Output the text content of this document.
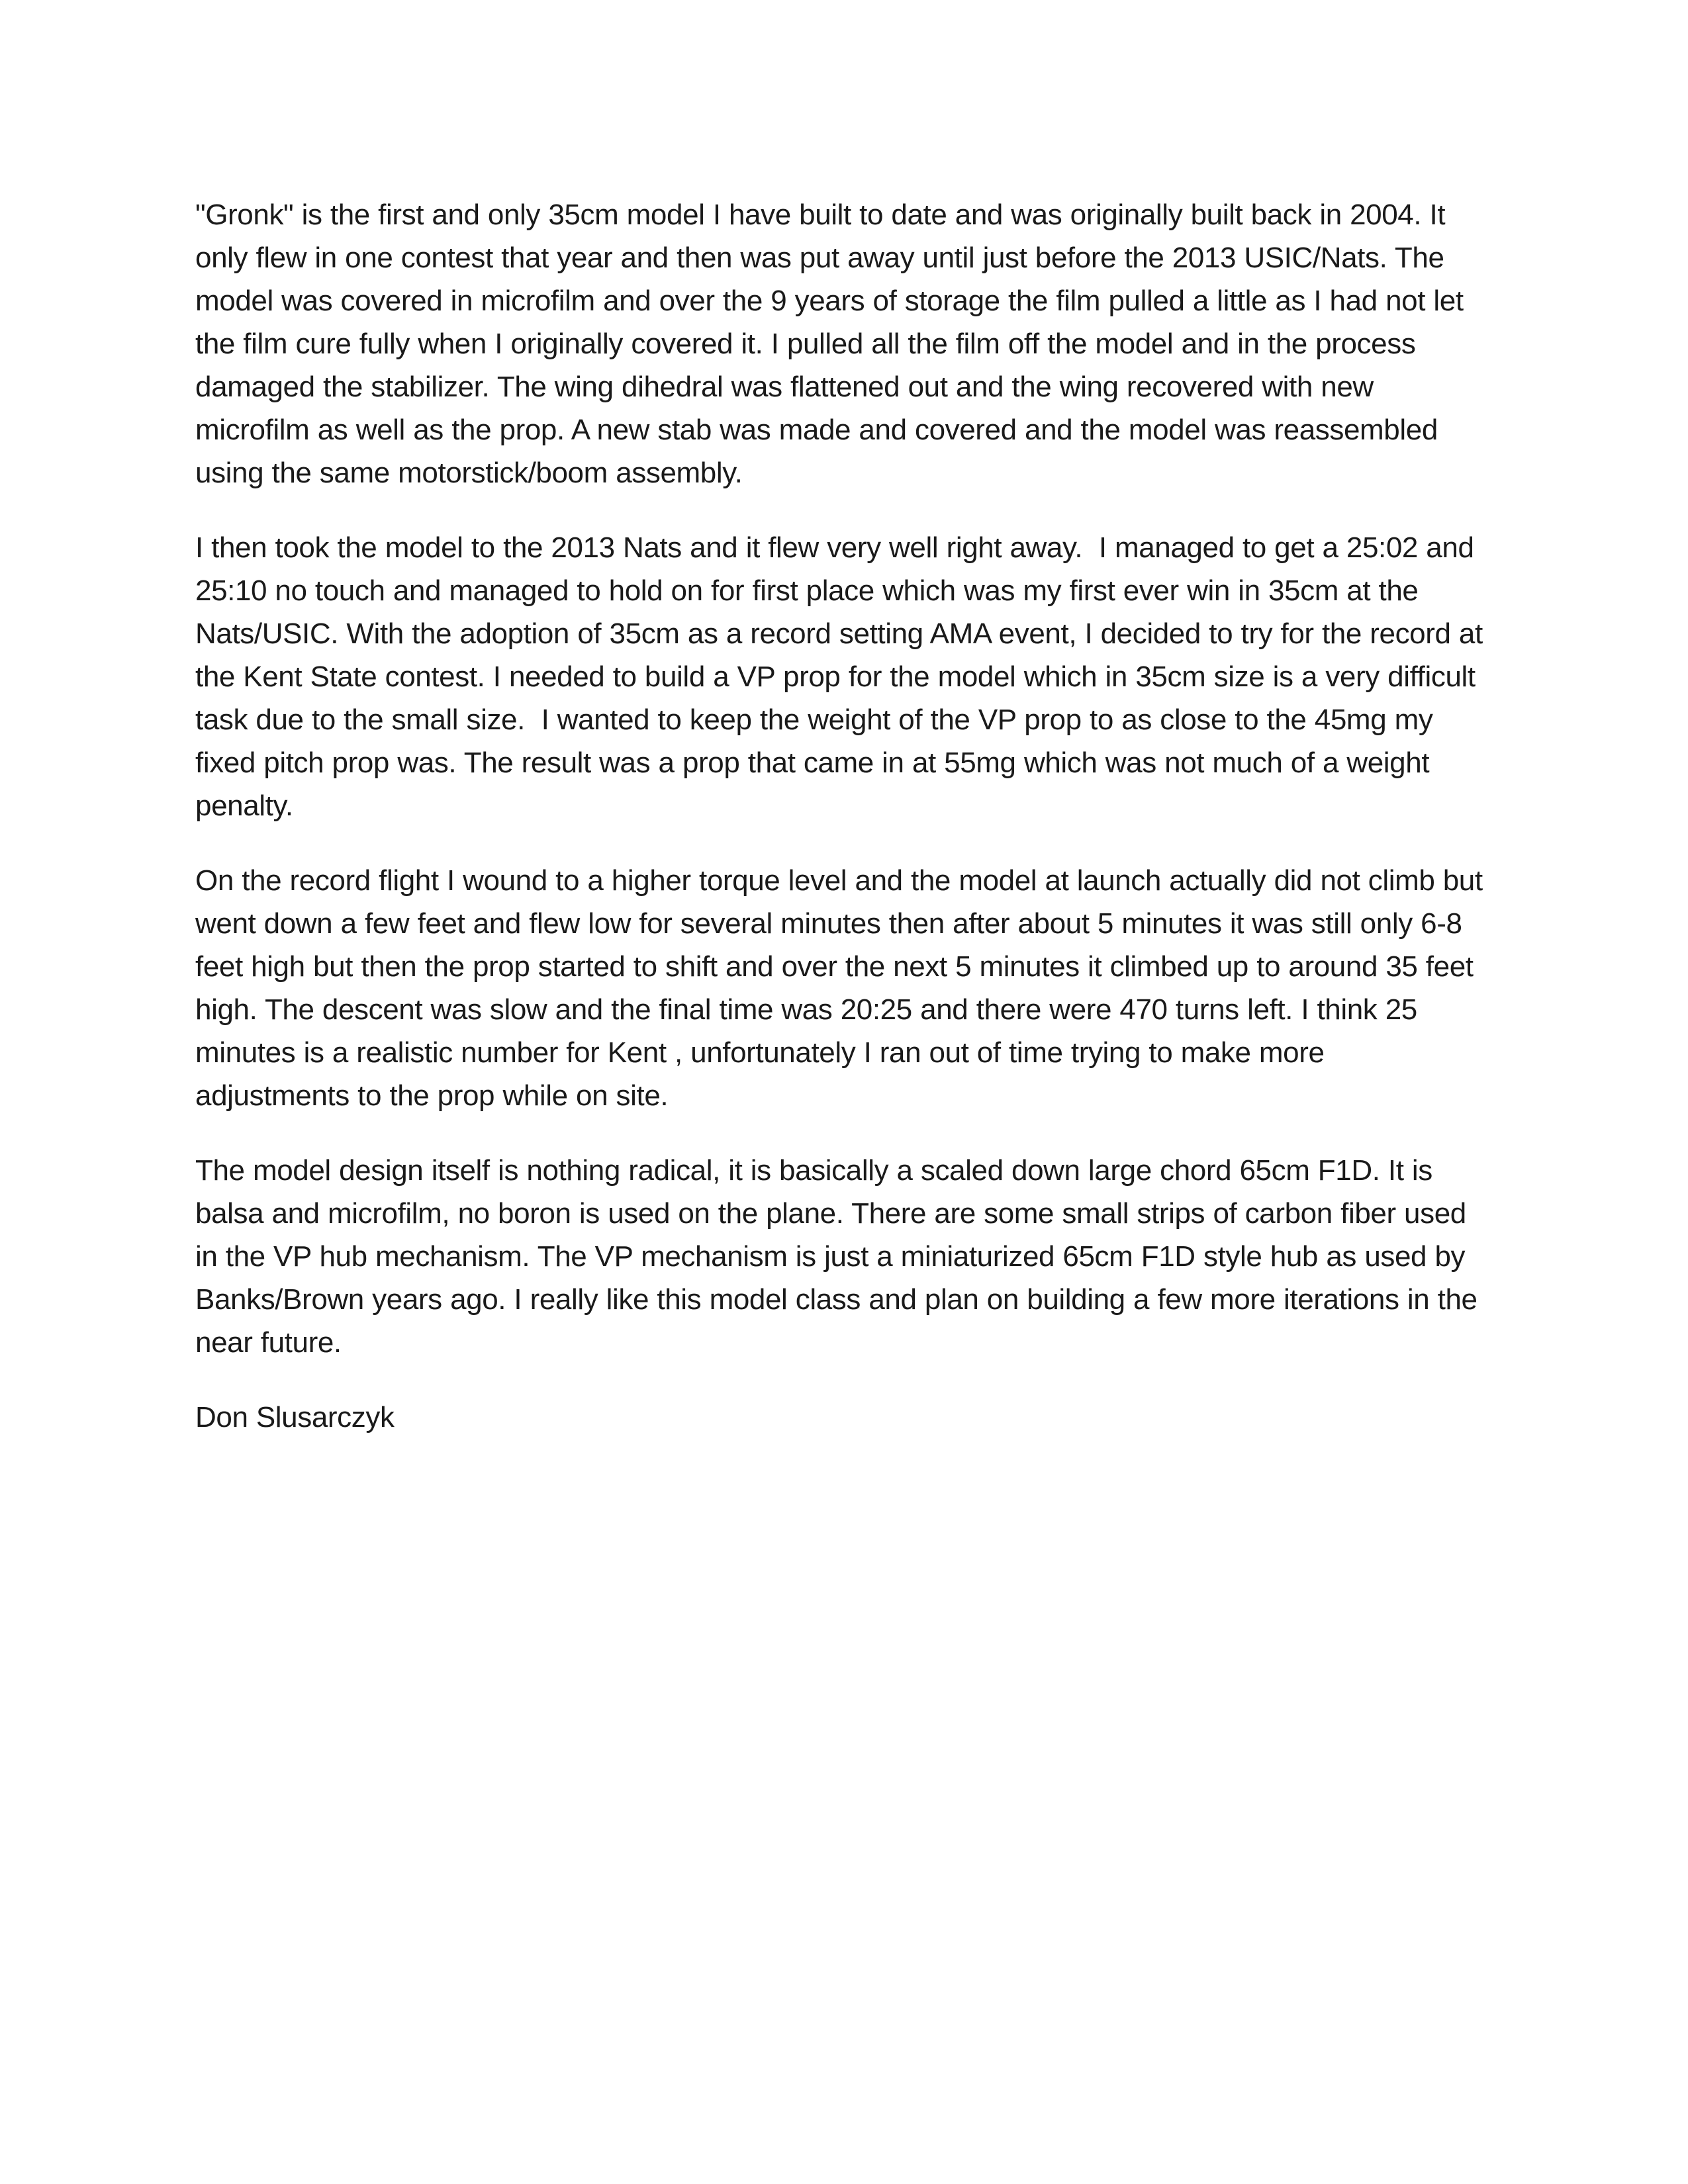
"Gronk" is the first and only 35cm model I have built to date and was originally built back in 2004. It only flew in one contest that year and then was put away until just before the 2013 USIC/Nats. The model was covered in microfilm and over the 9 years of storage the film pulled a little as I had not let the film cure fully when I originally covered it. I pulled all the film off the model and in the process damaged the stabilizer. The wing dihedral was flattened out and the wing recovered with new microfilm as well as the prop. A new stab was made and covered and the model was reassembled using the same motorstick/boom assembly.

I then took the model to the 2013 Nats and it flew very well right away.  I managed to get a 25:02 and 25:10 no touch and managed to hold on for first place which was my first ever win in 35cm at the Nats/USIC. With the adoption of 35cm as a record setting AMA event, I decided to try for the record at the Kent State contest. I needed to build a VP prop for the model which in 35cm size is a very difficult task due to the small size.  I wanted to keep the weight of the VP prop to as close to the 45mg my fixed pitch prop was. The result was a prop that came in at 55mg which was not much of a weight penalty.

On the record flight I wound to a higher torque level and the model at launch actually did not climb but went down a few feet and flew low for several minutes then after about 5 minutes it was still only 6-8 feet high but then the prop started to shift and over the next 5 minutes it climbed up to around 35 feet high. The descent was slow and the final time was 20:25 and there were 470 turns left. I think 25 minutes is a realistic number for Kent , unfortunately I ran out of time trying to make more adjustments to the prop while on site.

The model design itself is nothing radical, it is basically a scaled down large chord 65cm F1D. It is balsa and microfilm, no boron is used on the plane. There are some small strips of carbon fiber used in the VP hub mechanism. The VP mechanism is just a miniaturized 65cm F1D style hub as used by Banks/Brown years ago. I really like this model class and plan on building a few more iterations in the near future.

Don Slusarczyk
